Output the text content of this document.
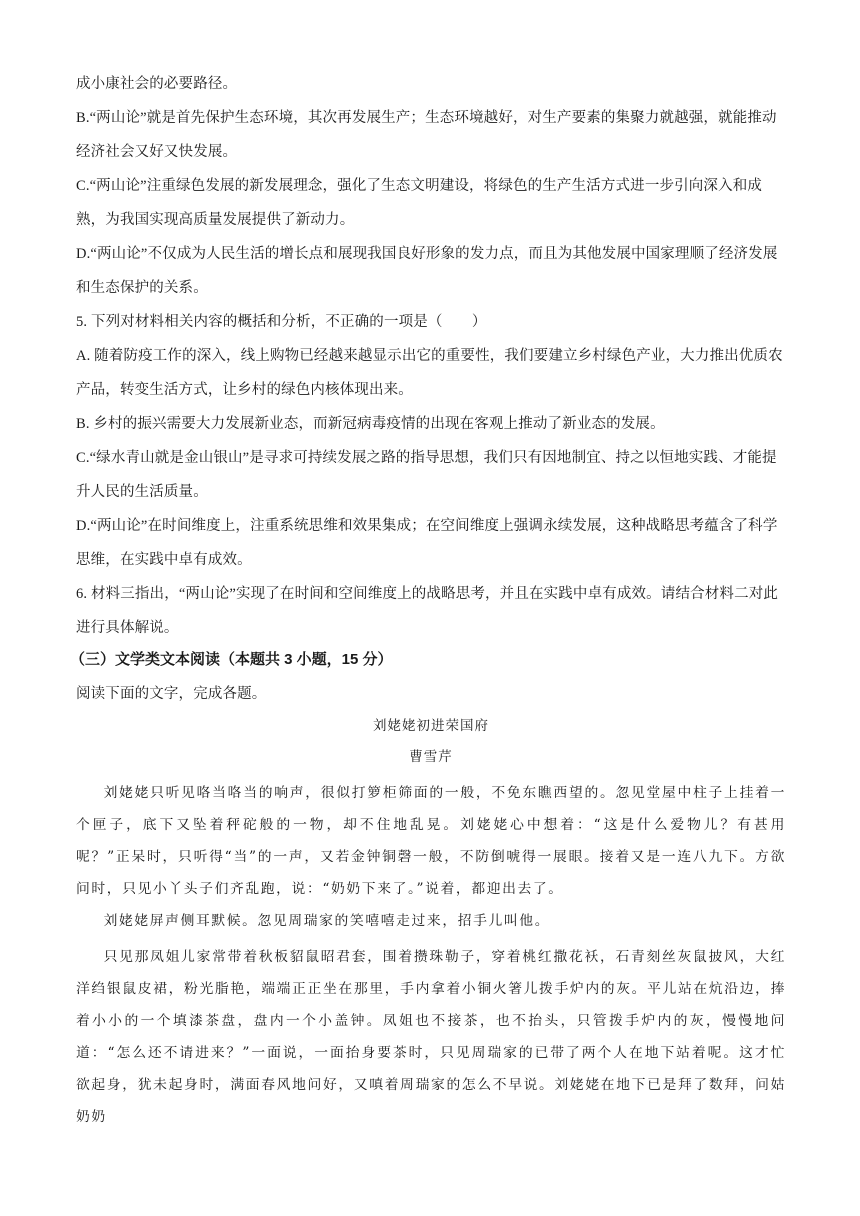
成小康社会的必要路径。

B.“两山论”就是首先保护生态环境，其次再发展生产；生态环境越好，对生产要素的集聚力就越强，就能推动经济社会又好又快发展。

C.“两山论”注重绿色发展的新发展理念，强化了生态文明建设，将绿色的生产生活方式进一步引向深入和成熟，为我国实现高质量发展提供了新动力。

D.“两山论”不仅成为人民生活的增长点和展现我国良好形象的发力点，而且为其他发展中国家理顺了经济发展和生态保护的关系。

5. 下列对材料相关内容的概括和分析，不正确的一项是（　　）

A. 随着防疫工作的深入，线上购物已经越来越显示出它的重要性，我们要建立乡村绿色产业，大力推出优质农产品，转变生活方式，让乡村的绿色内核体现出来。

B. 乡村的振兴需要大力发展新业态，而新冠病毒疫情的出现在客观上推动了新业态的发展。

C.“绿水青山就是金山银山”是寻求可持续发展之路的指导思想，我们只有因地制宜、持之以恒地实践、才能提升人民的生活质量。

D.“两山论”在时间维度上，注重系统思维和效果集成；在空间维度上强调永续发展，这种战略思考蕴含了科学思维，在实践中卓有成效。

6. 材料三指出，“两山论”实现了在时间和空间维度上的战略思考，并且在实践中卓有成效。请结合材料二对此进行具体解说。

（三）文学类文本阅读（本题共 3 小题，15 分）

阅读下面的文字，完成各题。

刘姥姥初进荣国府

曹雪芹

刘姥姥只听见咯当咯当的响声，很似打箩柜筛面的一般，不免东瞧西望的。忽见堂屋中柱子上挂着一个匣子，底下又坠着秤砣般的一物，却不住地乱晃。刘姥姥心中想着：“这是什么爱物儿？有甚用呢？”正呆时，只听得“当”的一声，又若金钟铜磬一般，不防倒唬得一展眼。接着又是一连八九下。方欲问时，只见小丫头子们齐乱跑，说：“奶奶下来了。”说着，都迎出去了。

刘姥姥屏声侧耳默候。忽见周瑞家的笑嘻嘻走过来，招手儿叫他。

只见那凤姐儿家常带着秋板貂鼠昭君套，围着攒珠勒子，穿着桃红撒花袄，石青刻丝灰鼠披风，大红洋绉银鼠皮裙，粉光脂艳，端端正正坐在那里，手内拿着小铜火箸儿拨手炉内的灰。平儿站在炕沿边，捧着小小的一个填漆茶盘，盘内一个小盖钟。凤姐也不接茶，也不抬头，只管拨手炉内的灰，慢慢地问道：“怎么还不请进来？”一面说，一面抬身要茶时，只见周瑞家的已带了两个人在地下站着呢。这才忙欲起身，犹未起身时，满面春风地问好，又嗔着周瑞家的怎么不早说。刘姥姥在地下已是拜了数拜，问姑奶奶
